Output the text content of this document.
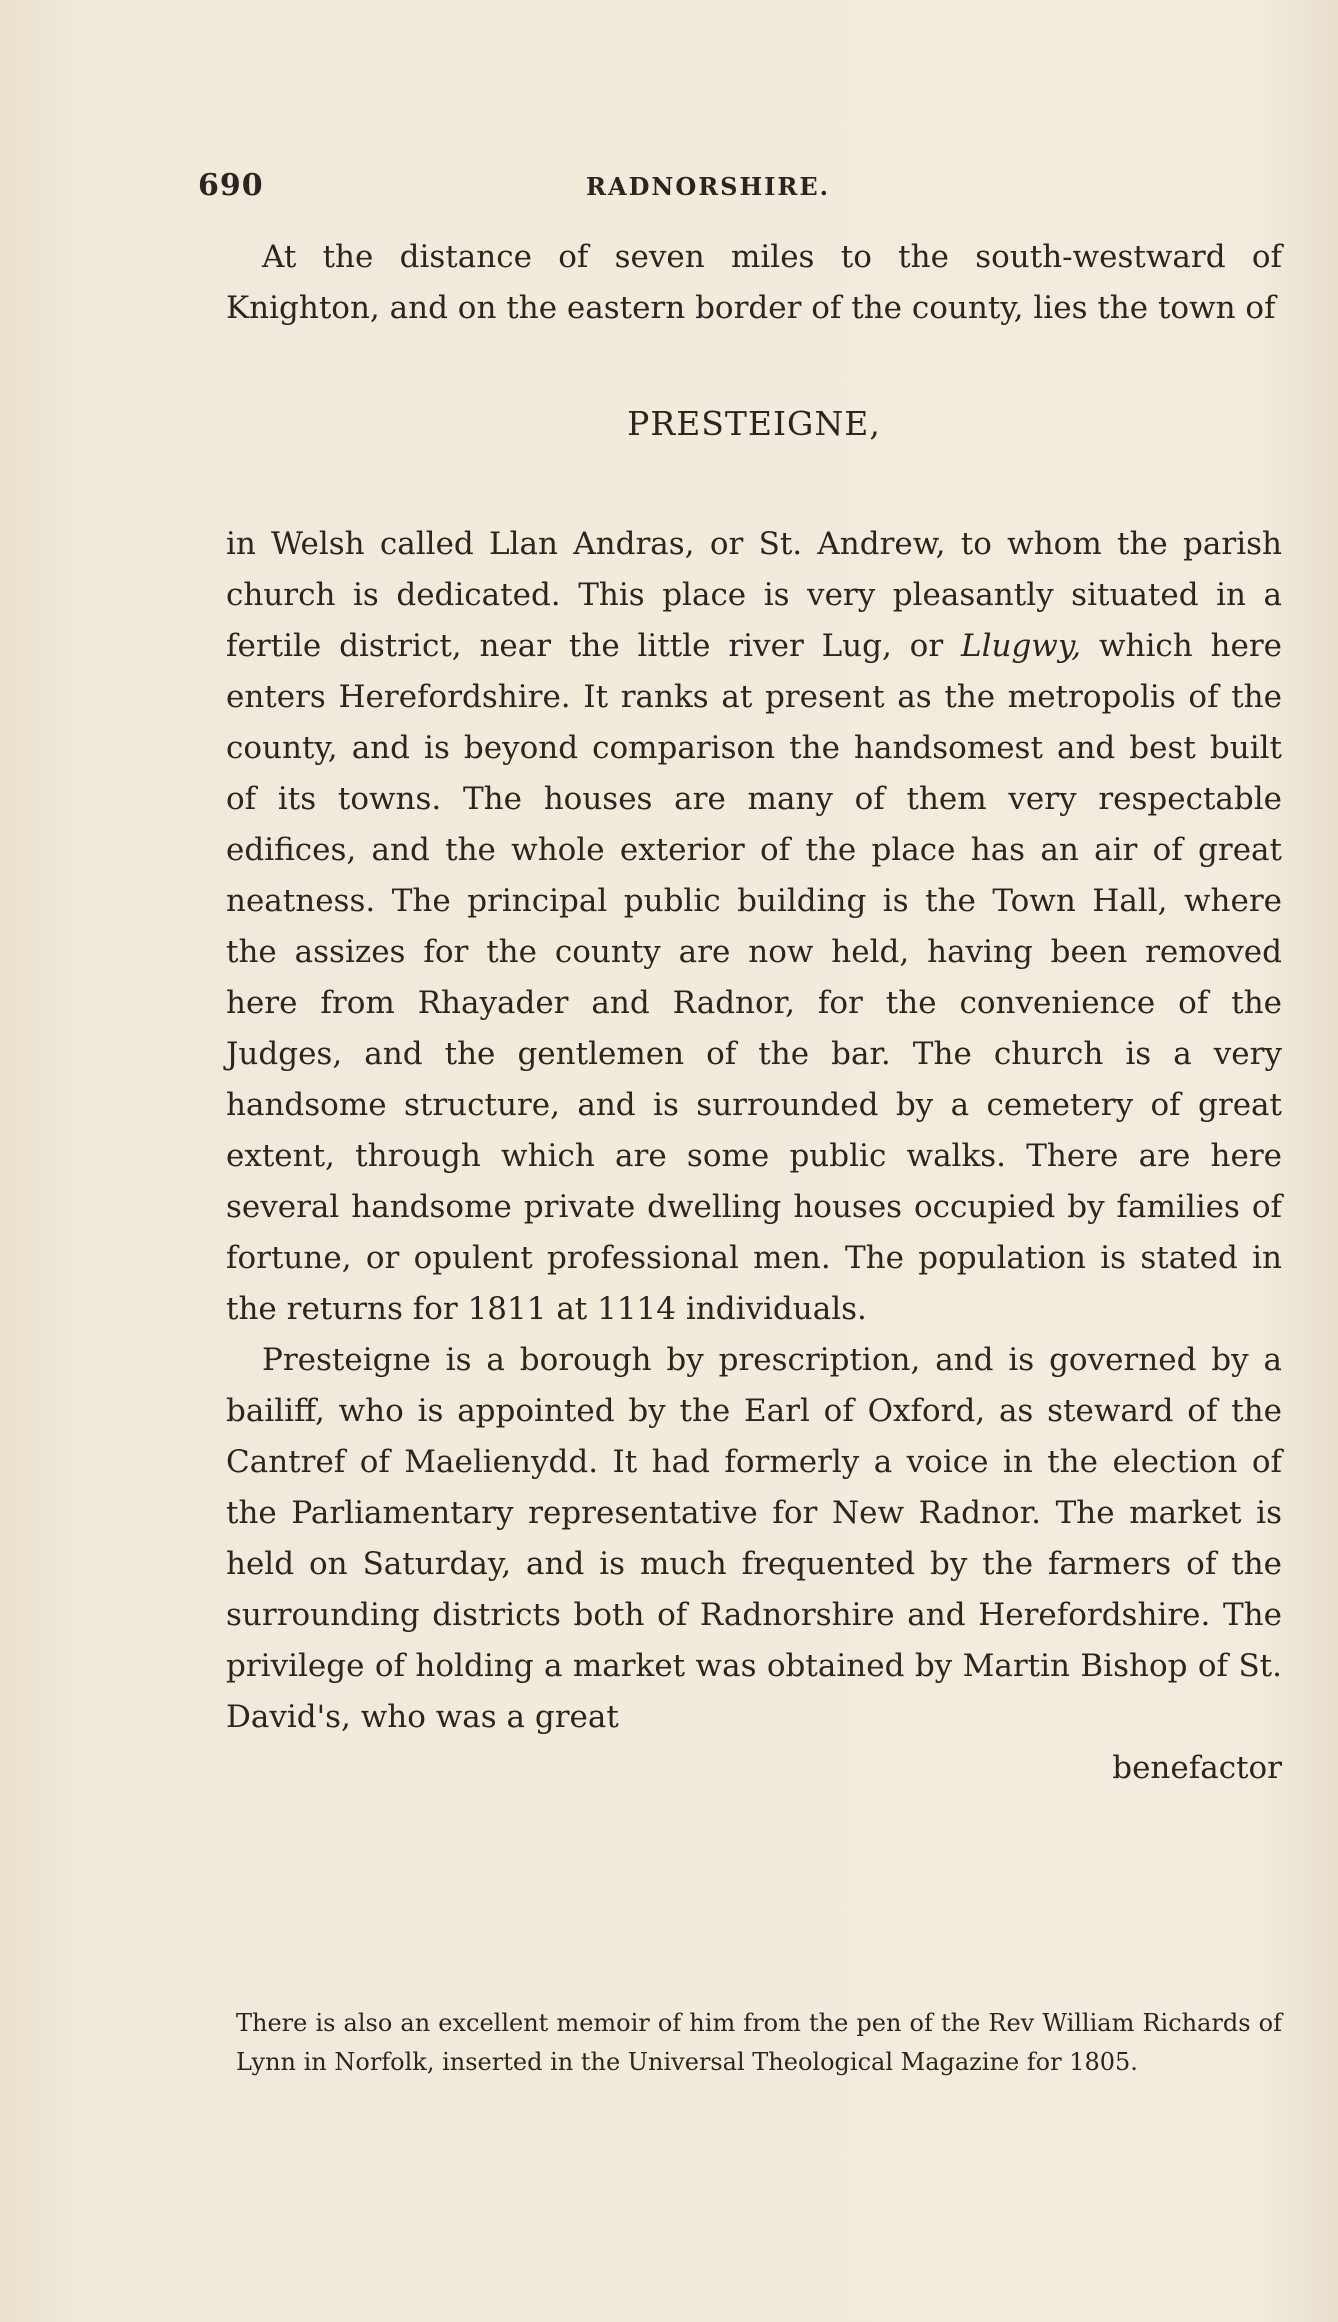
690	RADNORSHIRE.

At the distance of seven miles to the south-westward of Knighton, and on the eastern border of the county, lies the town of

PRESTEIGNE,

in Welsh called Llan Andras, or St. Andrew, to whom the parish church is dedicated. This place is very pleasantly situated in a fertile district, near the little river Lug, or Llugwy, which here enters Herefordshire. It ranks at present as the metropolis of the county, and is beyond comparison the handsomest and best built of its towns. The houses are many of them very respectable edifices, and the whole exterior of the place has an air of great neatness. The principal public building is the Town Hall, where the assizes for the county are now held, having been removed here from Rhayader and Radnor, for the convenience of the Judges, and the gentlemen of the bar. The church is a very handsome structure, and is surrounded by a cemetery of great extent, through which are some public walks. There are here several handsome private dwelling houses occupied by families of fortune, or opulent professional men. The population is stated in the returns for 1811 at 1114 individuals.

Presteigne is a borough by prescription, and is governed by a bailiff, who is appointed by the Earl of Oxford, as steward of the Cantref of Maelienydd. It had formerly a voice in the election of the Parliamentary representative for New Radnor. The market is held on Saturday, and is much frequented by the farmers of the surrounding districts both of Radnorshire and Herefordshire. The privilege of holding a market was obtained by Martin Bishop of St. David's, who was a great

benefactor

There is also an excellent memoir of him from the pen of the Rev William Richards of Lynn in Norfolk, inserted in the Universal Theological Magazine for 1805.
